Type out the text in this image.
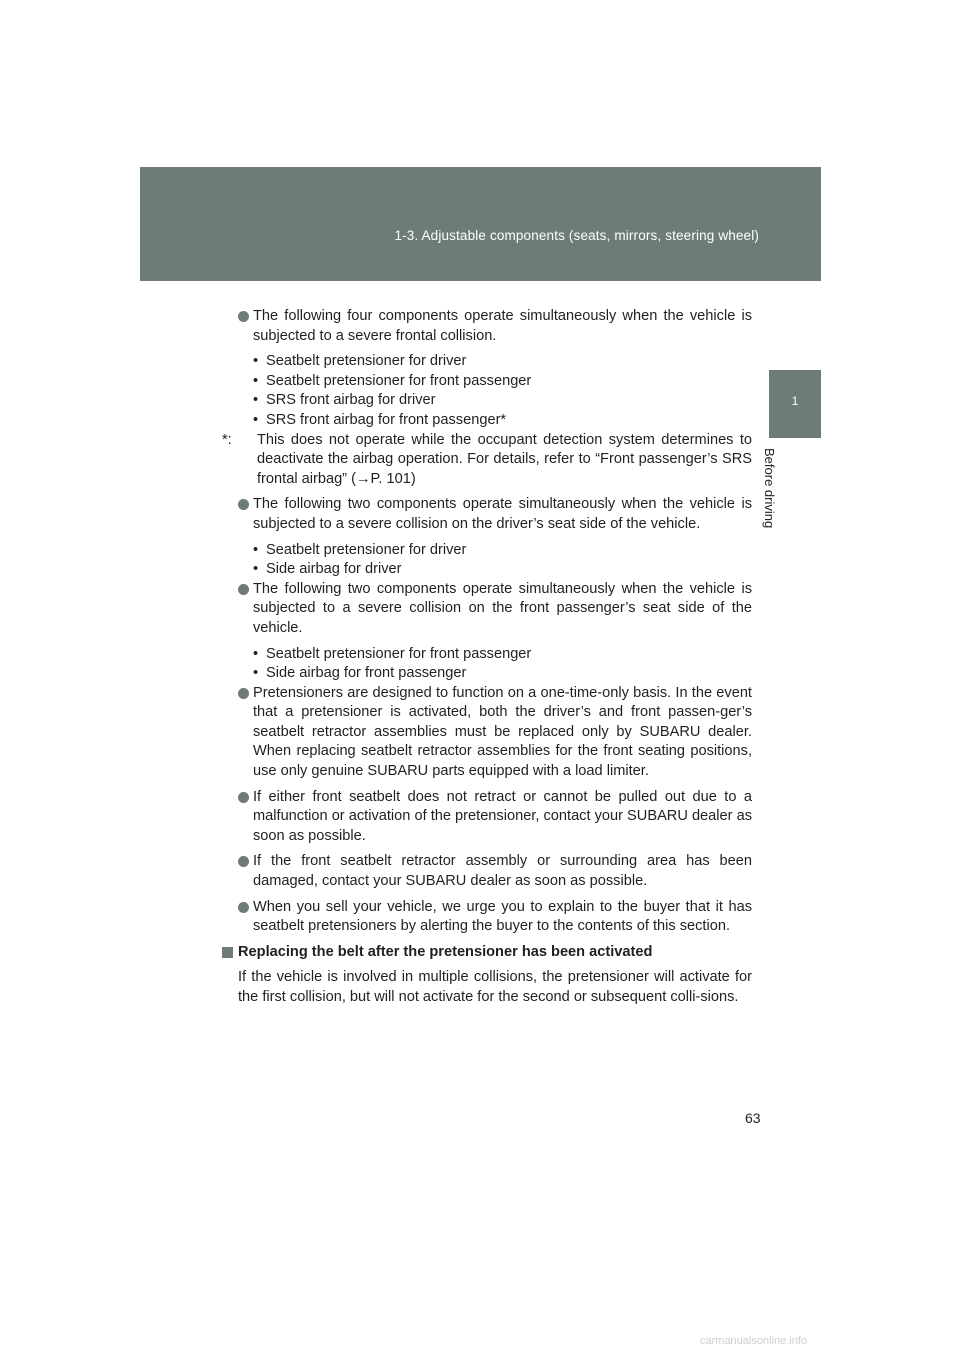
1-3. Adjustable components (seats, mirrors, steering wheel)
1
Before driving
The following four components operate simultaneously when the vehicle is subjected to a severe frontal collision.
• Seatbelt pretensioner for driver
• Seatbelt pretensioner for front passenger
• SRS front airbag for driver
• SRS front airbag for front passenger*
*: This does not operate while the occupant detection system determines to deactivate the airbag operation. For details, refer to “Front passenger’s SRS frontal airbag” (→P. 101)
The following two components operate simultaneously when the vehicle is subjected to a severe collision on the driver’s seat side of the vehicle.
• Seatbelt pretensioner for driver
• Side airbag for driver
The following two components operate simultaneously when the vehicle is subjected to a severe collision on the front passenger’s seat side of the vehicle.
• Seatbelt pretensioner for front passenger
• Side airbag for front passenger
Pretensioners are designed to function on a one-time-only basis. In the event that a pretensioner is activated, both the driver’s and front passen-ger’s seatbelt retractor assemblies must be replaced only by SUBARU dealer. When replacing seatbelt retractor assemblies for the front seating positions, use only genuine SUBARU parts equipped with a load limiter.
If either front seatbelt does not retract or cannot be pulled out due to a malfunction or activation of the pretensioner, contact your SUBARU dealer as soon as possible.
If the front seatbelt retractor assembly or surrounding area has been damaged, contact your SUBARU dealer as soon as possible.
When you sell your vehicle, we urge you to explain to the buyer that it has seatbelt pretensioners by alerting the buyer to the contents of this section.
Replacing the belt after the pretensioner has been activated
If the vehicle is involved in multiple collisions, the pretensioner will activate for the first collision, but will not activate for the second or subsequent colli-sions.
63
carmanualsonline.info
